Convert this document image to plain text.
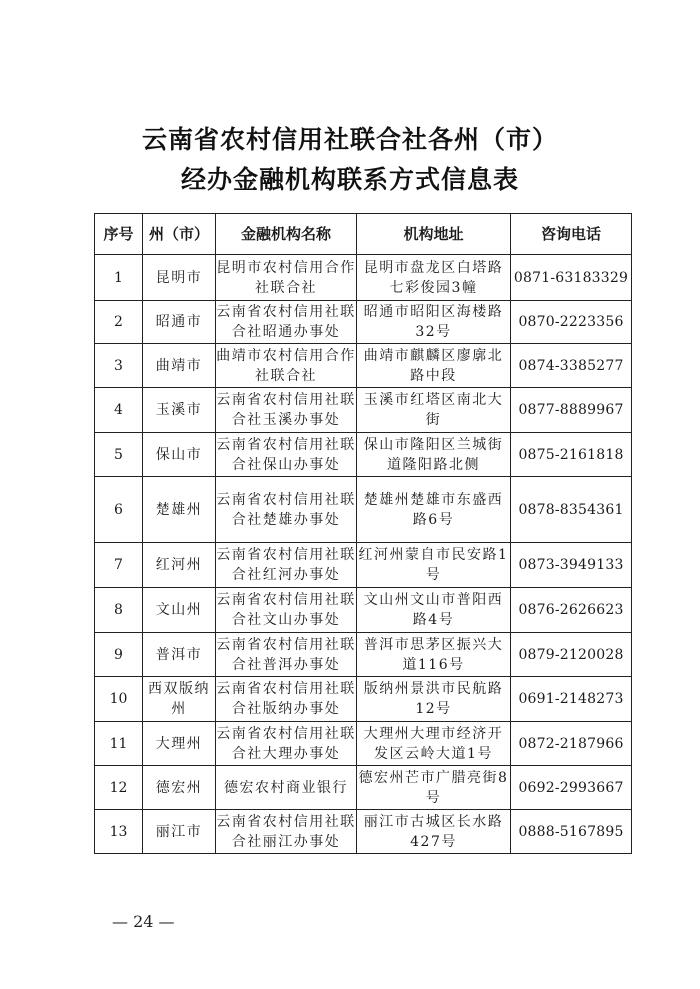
云南省农村信用社联合社各州（市）
经办金融机构联系方式信息表
序号	州（市）	金融机构名称	机构地址	咨询电话
1	昆明市	昆明市农村信用合作社联合社	昆明市盘龙区白塔路七彩俊园3幢	0871-63183329
2	昭通市	云南省农村信用社联合社昭通办事处	昭通市昭阳区海楼路32号	0870-2223356
3	曲靖市	曲靖市农村信用合作社联合社	曲靖市麒麟区廖廓北路中段	0874-3385277
4	玉溪市	云南省农村信用社联合社玉溪办事处	玉溪市红塔区南北大街	0877-8889967
5	保山市	云南省农村信用社联合社保山办事处	保山市隆阳区兰城街道隆阳路北侧	0875-2161818
6	楚雄州	云南省农村信用社联合社楚雄办事处	楚雄州楚雄市东盛西路6号	0878-8354361
7	红河州	云南省农村信用社联合社红河办事处	红河州蒙自市民安路1号	0873-3949133
8	文山州	云南省农村信用社联合社文山办事处	文山州文山市普阳西路4号	0876-2626623
9	普洱市	云南省农村信用社联合社普洱办事处	普洱市思茅区振兴大道116号	0879-2120028
10	西双版纳州	云南省农村信用社联合社版纳办事处	版纳州景洪市民航路12号	0691-2148273
11	大理州	云南省农村信用社联合社大理办事处	大理州大理市经济开发区云岭大道1号	0872-2187966
12	德宏州	德宏农村商业银行	德宏州芒市广腊亮街8号	0692-2993667
13	丽江市	云南省农村信用社联合社丽江办事处	丽江市古城区长水路427号	0888-5167895
— 24 —
